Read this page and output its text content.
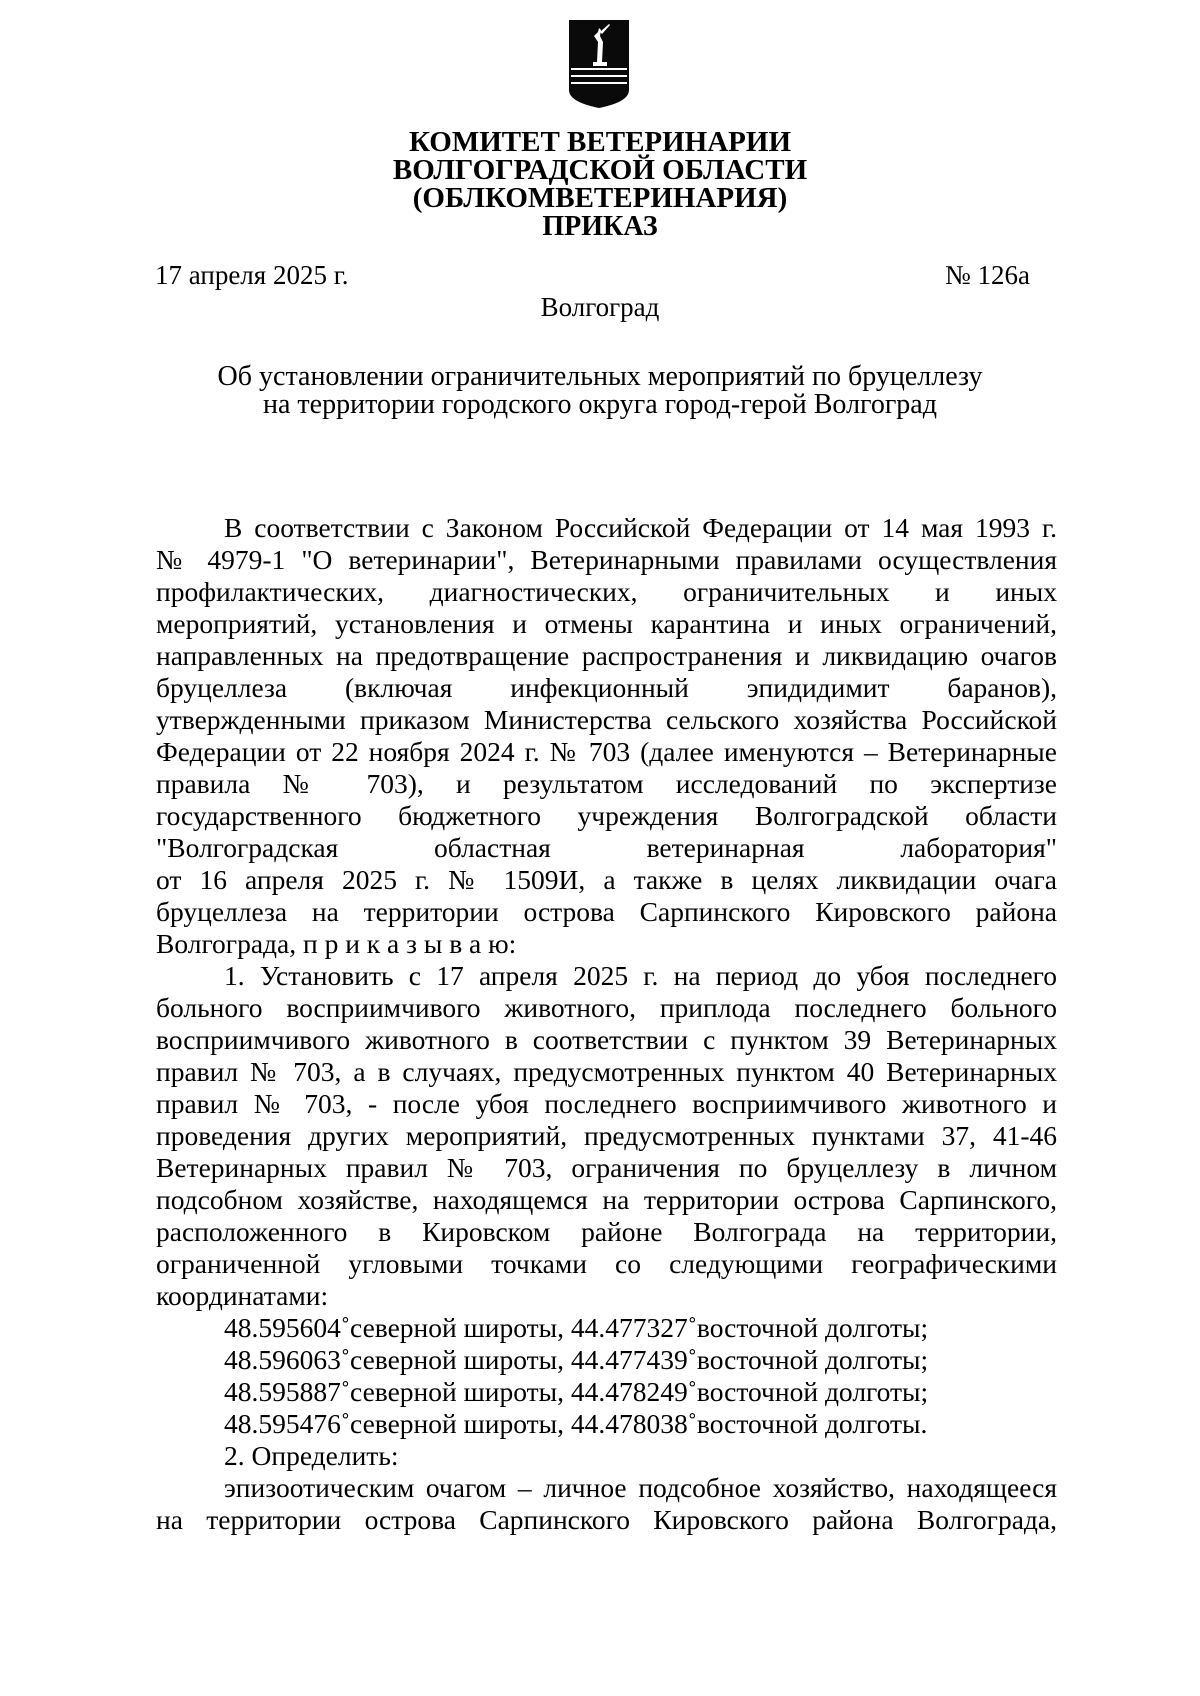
КОМИТЕТ ВЕТЕРИНАРИИ
ВОЛГОГРАДСКОЙ ОБЛАСТИ
(ОБЛКОМВЕТЕРИНАРИЯ)
ПРИКАЗ
17 апреля 2025 г.	№ 126а
Волгоград
Об установлении ограничительных мероприятий по бруцеллезу
на территории городского округа город-герой Волгоград

В соответствии с Законом Российской Федерации от 14 мая 1993 г.

№ 4979-1 "О ветеринарии", Ветеринарными правилами осуществления

профилактических, диагностических, ограничительных и иных

мероприятий, установления и отмены карантина и иных ограничений,

направленных на предотвращение распространения и ликвидацию очагов

бруцеллеза (включая инфекционный эпидидимит баранов),

утвержденными приказом Министерства сельского хозяйства Российской

Федерации от 22 ноября 2024 г. № 703 (далее именуются – Ветеринарные

правила № 703), и результатом исследований по экспертизе

государственного бюджетного учреждения Волгоградской области

"Волгоградская областная ветеринарная лаборатория"

от 16 апреля 2025 г. № 1509И, а также в целях ликвидации очага

бруцеллеза на территории острова Сарпинского Кировского района

Волгограда, п р и к а з ы в а ю:

1. Установить с 17 апреля 2025 г. на период до убоя последнего

больного восприимчивого животного, приплода последнего больного

восприимчивого животного в соответствии с пунктом 39 Ветеринарных

правил № 703, а в случаях, предусмотренных пунктом 40 Ветеринарных

правил № 703, - после убоя последнего восприимчивого животного и

проведения других мероприятий, предусмотренных пунктами 37, 41-46

Ветеринарных правил № 703, ограничения по бруцеллезу в личном

подсобном хозяйстве, находящемся на территории острова Сарпинского,

расположенного в Кировском районе Волгограда на территории,

ограниченной угловыми точками со следующими географическими

координатами:

48.595604˚северной широты, 44.477327˚восточной долготы;

48.596063˚северной широты, 44.477439˚восточной долготы;

48.595887˚северной широты, 44.478249˚восточной долготы;

48.595476˚северной широты, 44.478038˚восточной долготы.

2. Определить:

эпизоотическим очагом – личное подсобное хозяйство, находящееся

на территории острова Сарпинского Кировского района Волгограда,
